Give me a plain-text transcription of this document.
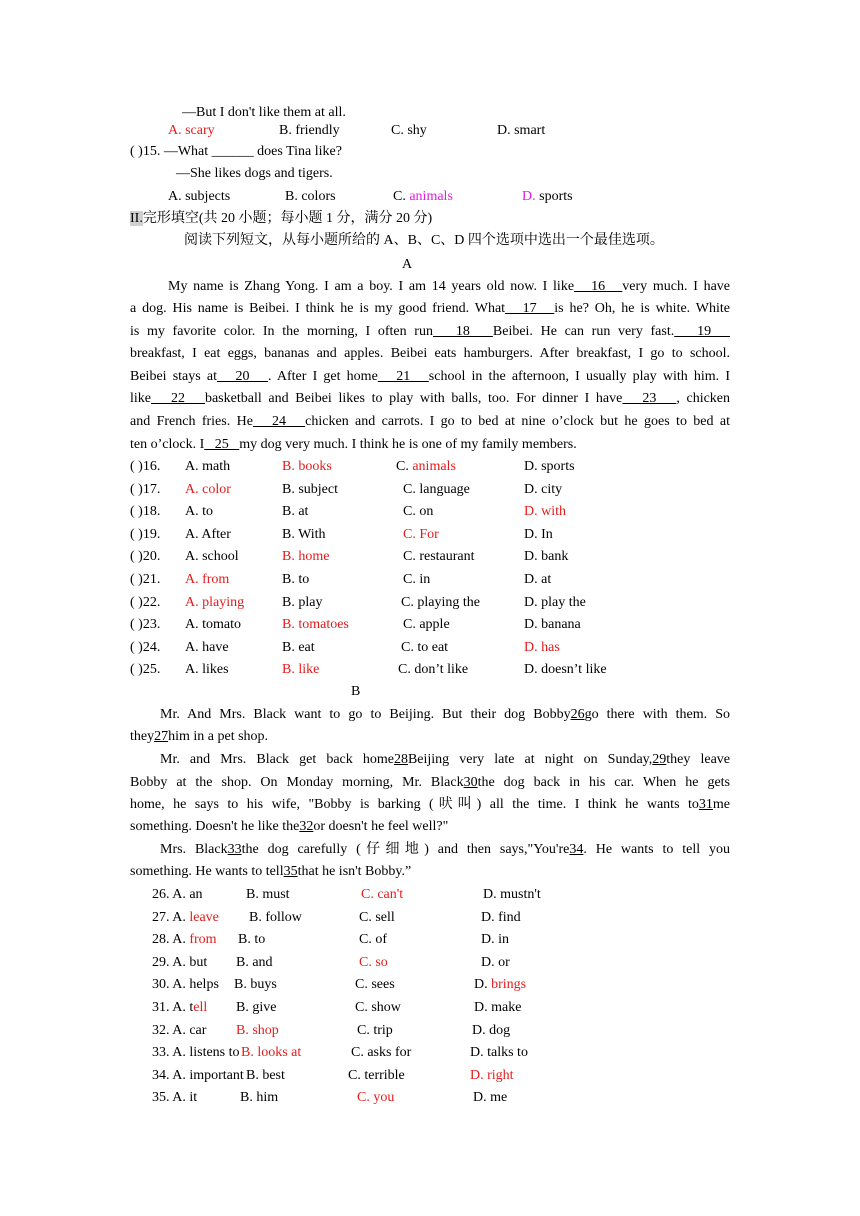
—But I don't like them at all.
A. scary	B. friendly	C. shy	D. smart
( )15. —What ______ does Tina like?
—She likes dogs and tigers.
A. subjects	B. colors	C. animals	D. sports
II.完形填空(共 20 小题；每小题 1 分，满分 20 分)
阅读下列短文，从每小题所给的 A、B、C、D 四个选项中选出一个最佳选项。
A
My name is Zhang Yong. I am a boy. I am 14 years old now. I like   16   very much. I have
a dog. His name is Beibei. I think he is my good friend. What   17   is he? Oh, he is white. White
is my favorite color. In the morning, I often run   18   Beibei. He can run very fast.   19
breakfast, I eat eggs, bananas and apples. Beibei eats hamburgers. After breakfast, I go to school.
Beibei stays at   20   . After I get home   21   school in the afternoon, I usually play with him. I
like   22   basketball and Beibei likes to play with balls, too. For dinner I have   23   , chicken
and French fries. He   24   chicken and carrots. I go to bed at nine o’clock but he goes to bed at
ten o’clock. I   25   my dog very much. I think he is one of my family members.
( )16. A. math	B. books	C. animals	D. sports
( )17. A. color	B. subject	C. language	D. city
( )18. A. to	B. at	C. on	D. with
( )19. A. After	B. With	C. For	D. In
( )20. A. school	B. home	C. restaurant	D. bank
( )21. A. from	B. to	C. in	D. at
( )22. A. playing	B. play	C. playing the	D. play the
( )23. A. tomato	B. tomatoes	C. apple	D. banana
( )24. A. have	B. eat	C. to eat	D. has
( )25. A. likes	B. like	C. don’t like	D. doesn’t like
B
Mr. And Mrs. Black want to go to Beijing. But their dog Bobby26go there with them. So
they27him in a pet shop.
Mr. and Mrs. Black get back home28Beijing very late at night on Sunday,29they leave
Bobby at the shop. On Monday morning, Mr. Black30the dog back in his car. When he gets
home, he says to his wife, "Bobby is barking (吠叫) all the time. I think he wants to31me
something. Doesn't he like the32or doesn't he feel well?"
Mrs. Black33the dog carefully (仔细地) and then says,"You're34. He wants to tell you
something. He wants to tell35that he isn't Bobby.”
26. A. an	B. must	C. can't	D. mustn't
27. A. leave B. follow	C. sell	D. find
28. A. from B. to	C. of	D. in
29. A. but B. and	C. so	D. or
30. A. helps B. buys	C. sees	D. brings
31. A. tell B. give	C. show	D. make
32. A. car B. shop	C. trip	D. dog
33. A. listens to B. looks at	C. asks for	D. talks to
34. A. important B. best	C. terrible	D. right
35. A. it	B. him	C. you	D. me
